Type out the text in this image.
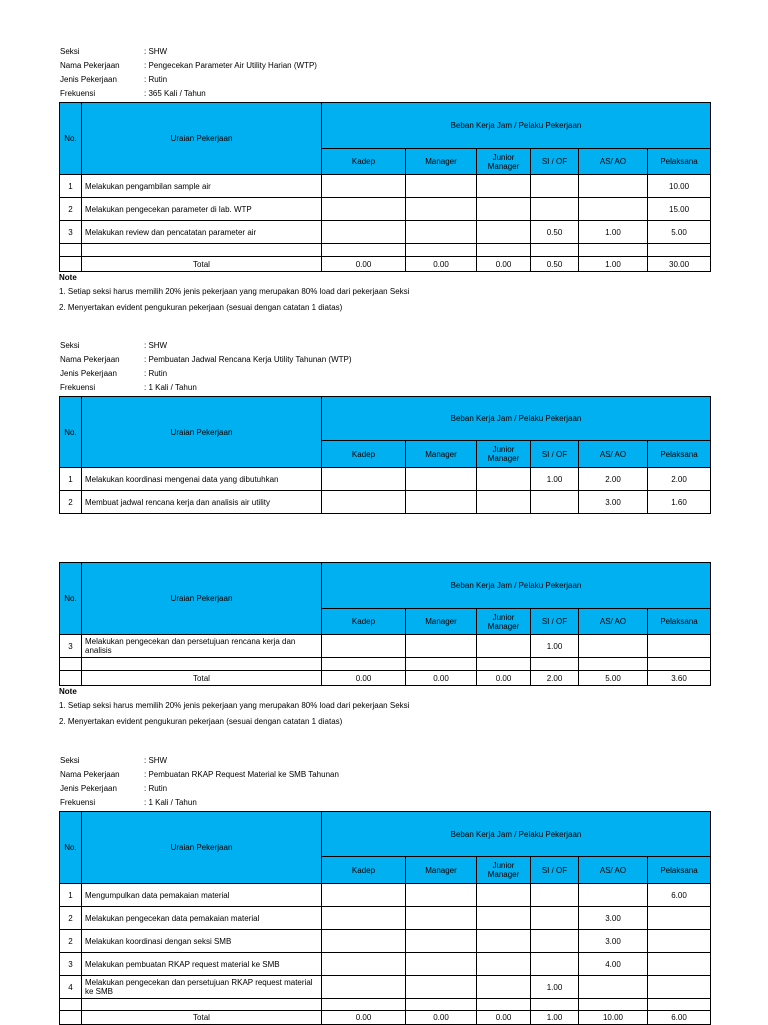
Seksi	: SHW
Nama Pekerjaan	: Pengecekan Parameter Air Utility Harian (WTP)
Jenis Pekerjaan	: Rutin
Frekuensi	: 365 Kali / Tahun
No.	Uraian Pekerjaan	Beban Kerja Jam / Pelaku Pekerjaan					
		Kadep	Manager	Junior Manager	SI / OF	AS/ AO	Pelaksana
1	Melakukan pengambilan sample air						10.00
2	Melakukan pengecekan parameter di lab. WTP						15.00
3	Melakukan review dan pencatatan parameter air				0.50	1.00	5.00

	Total	0.00	0.00	0.00	0.50	1.00	30.00
Note
1. Setiap seksi harus memilih 20% jenis pekerjaan yang merupakan 80% load dari pekerjaan Seksi
2. Menyertakan evident pengukuran pekerjaan (sesuai dengan catatan 1 diatas)
Seksi	: SHW
Nama Pekerjaan	: Pembuatan Jadwal Rencana Kerja Utility Tahunan (WTP)
Jenis Pekerjaan	: Rutin
Frekuensi	: 1 Kali / Tahun
No.	Uraian Pekerjaan	Beban Kerja Jam / Pelaku Pekerjaan					
		Kadep	Manager	Junior Manager	SI / OF	AS/ AO	Pelaksana
1	Melakukan koordinasi mengenai data yang dibutuhkan				1.00	2.00	2.00
2	Membuat jadwal rencana kerja dan analisis air utility					3.00	1.60
No.	Uraian Pekerjaan	Beban Kerja Jam / Pelaku Pekerjaan					
		Kadep	Manager	Junior Manager	SI / OF	AS/ AO	Pelaksana
3	Melakukan pengecekan dan persetujuan rencana kerja dan analisis				1.00		

	Total	0.00	0.00	0.00	2.00	5.00	3.60
Note
1. Setiap seksi harus memilih 20% jenis pekerjaan yang merupakan 80% load dari pekerjaan Seksi
2. Menyertakan evident pengukuran pekerjaan (sesuai dengan catatan 1 diatas)
Seksi	: SHW
Nama Pekerjaan	: Pembuatan RKAP Request Material ke SMB Tahunan
Jenis Pekerjaan	: Rutin
Frekuensi	: 1 Kali / Tahun
No.	Uraian Pekerjaan	Beban Kerja Jam / Pelaku Pekerjaan					
		Kadep	Manager	Junior Manager	SI / OF	AS/ AO	Pelaksana
1	Mengumpulkan data pemakaian material						6.00
2	Melakukan pengecekan data pemakaian material					3.00	
2	Melakukan koordinasi dengan seksi SMB					3.00	
3	Melakukan pembuatan RKAP request material ke SMB					4.00	
4	Melakukan pengecekan dan persetujuan RKAP request material ke SMB				1.00		

	Total	0.00	0.00	0.00	1.00	10.00	6.00
